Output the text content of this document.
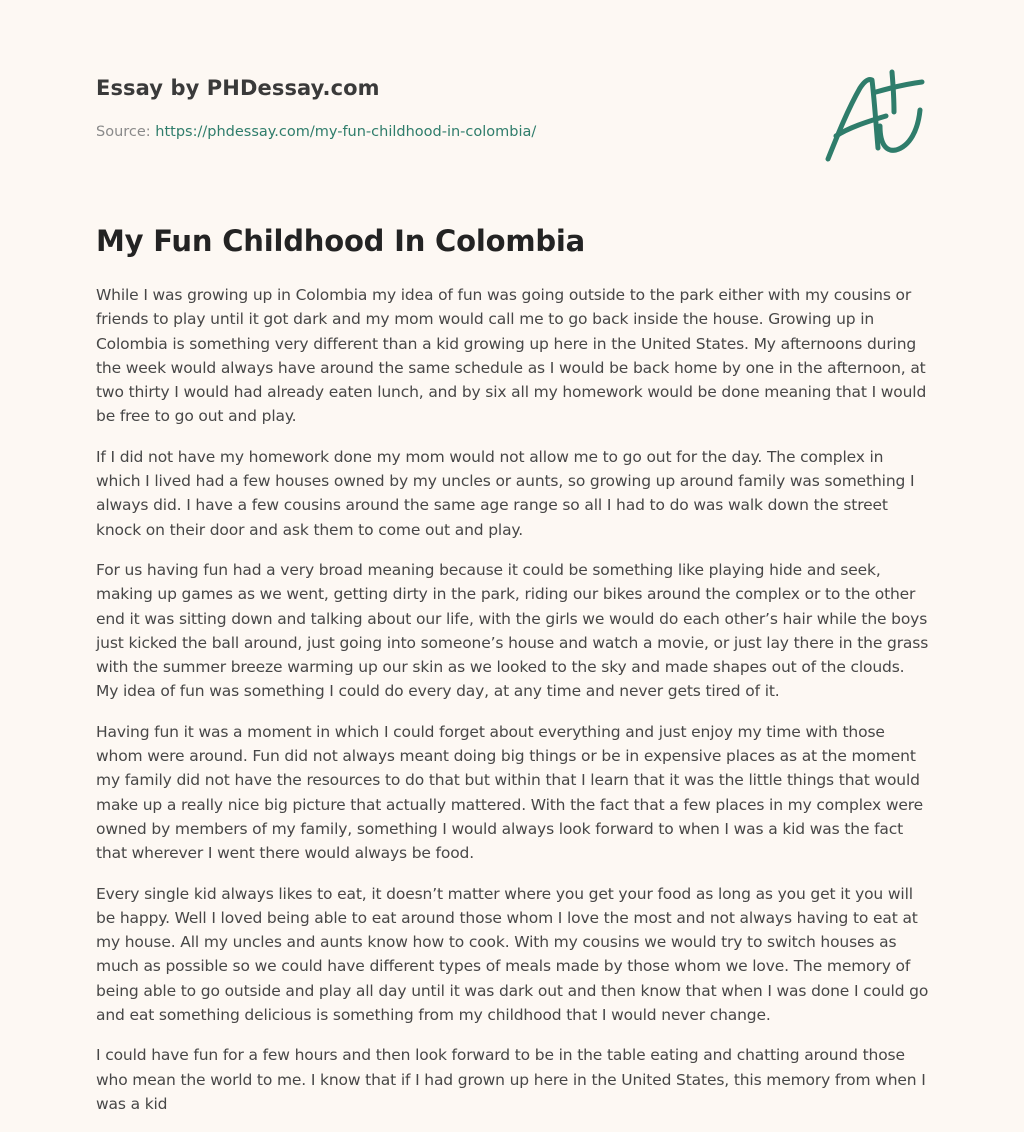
Essay by PHDessay.com
Source: https://phdessay.com/my-fun-childhood-in-colombia/
My Fun Childhood In Colombia

While I was growing up in Colombia my idea of fun was going outside to the park either with my cousins or friends to play until it got dark and my mom would call me to go back inside the house. Growing up in Colombia is something very different than a kid growing up here in the United States. My afternoons during the week would always have around the same schedule as I would be back home by one in the afternoon, at two thirty I would had already eaten lunch, and by six all my homework would be done meaning that I would be free to go out and play.

If I did not have my homework done my mom would not allow me to go out for the day. The complex in which I lived had a few houses owned by my uncles or aunts, so growing up around family was something I always did. I have a few cousins around the same age range so all I had to do was walk down the street knock on their door and ask them to come out and play.

For us having fun had a very broad meaning because it could be something like playing hide and seek, making up games as we went, getting dirty in the park, riding our bikes around the complex or to the other end it was sitting down and talking about our life, with the girls we would do each other’s hair while the boys just kicked the ball around, just going into someone’s house and watch a movie, or just lay there in the grass with the summer breeze warming up our skin as we looked to the sky and made shapes out of the clouds. My idea of fun was something I could do every day, at any time and never gets tired of it.

Having fun it was a moment in which I could forget about everything and just enjoy my time with those whom were around. Fun did not always meant doing big things or be in expensive places as at the moment my family did not have the resources to do that but within that I learn that it was the little things that would make up a really nice big picture that actually mattered. With the fact that a few places in my complex were owned by members of my family, something I would always look forward to when I was a kid was the fact that wherever I went there would always be food.

Every single kid always likes to eat, it doesn’t matter where you get your food as long as you get it you will be happy. Well I loved being able to eat around those whom I love the most and not always having to eat at my house. All my uncles and aunts know how to cook. With my cousins we would try to switch houses as much as possible so we could have different types of meals made by those whom we love. The memory of being able to go outside and play all day until it was dark out and then know that when I was done I could go and eat something delicious is something from my childhood that I would never change.

I could have fun for a few hours and then look forward to be in the table eating and chatting around those who mean the world to me. I know that if I had grown up here in the United States, this memory from when I was a kid
